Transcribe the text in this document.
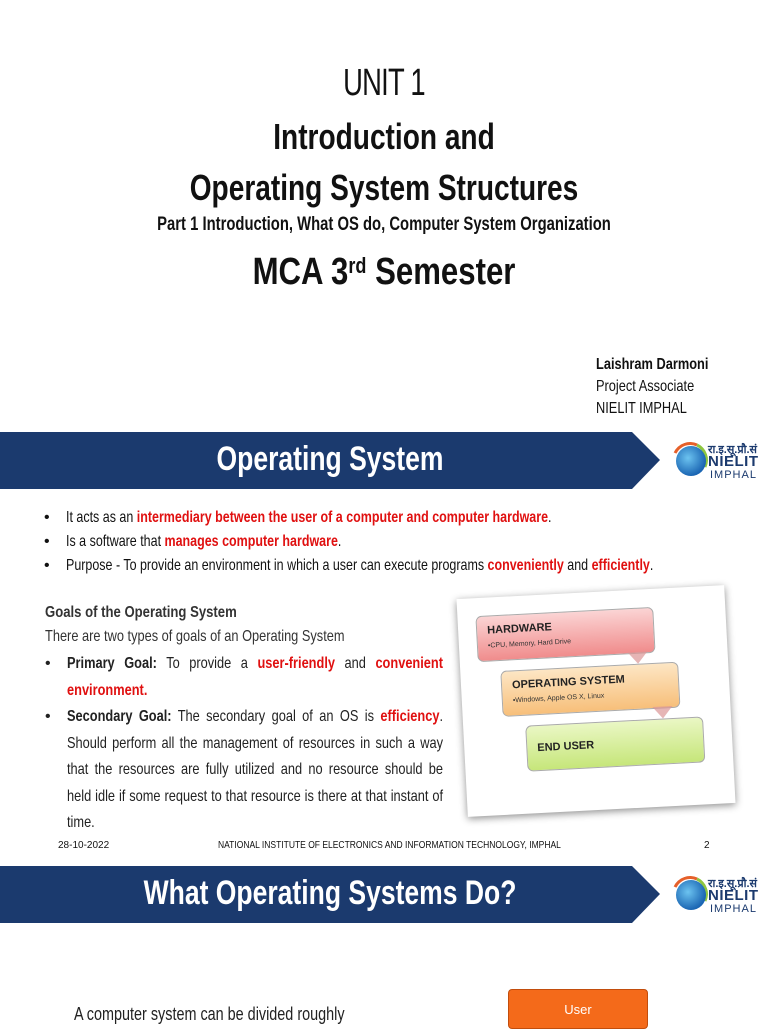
UNIT 1
Introduction and
Operating System Structures
Part 1 Introduction, What OS do, Computer System Organization
MCA 3rd Semester
Laishram Darmoni
Project Associate
NIELIT IMPHAL
Operating System	रा.इ.सू.प्रौ.सं
NIELIT
IMPHAL
• It acts as an intermediary between the user of a computer and computer hardware.
• Is a software that manages computer hardware.
• Purpose - To provide an environment in which a user can execute programs conveniently and efficiently.
Goals of the Operating System
There are two types of goals of an Operating System
• Primary Goal: To provide a user-friendly and convenient environment.
• Secondary Goal: The secondary goal of an OS is efficiency. Should perform all the management of resources in such a way that the resources are fully utilized and no resource should be held idle if some request to that resource is there at that instant of time.
HARDWARE
•CPU, Memory, Hard Drive
OPERATING SYSTEM
•Windows, Apple OS X, Linux
END USER
28-10-2022	NATIONAL INSTITUTE OF ELECTRONICS AND INFORMATION TECHNOLOGY, IMPHAL	2
What Operating Systems Do?	रा.इ.सू.प्रौ.सं
NIELIT
IMPHAL
A computer system can be divided roughly	User
